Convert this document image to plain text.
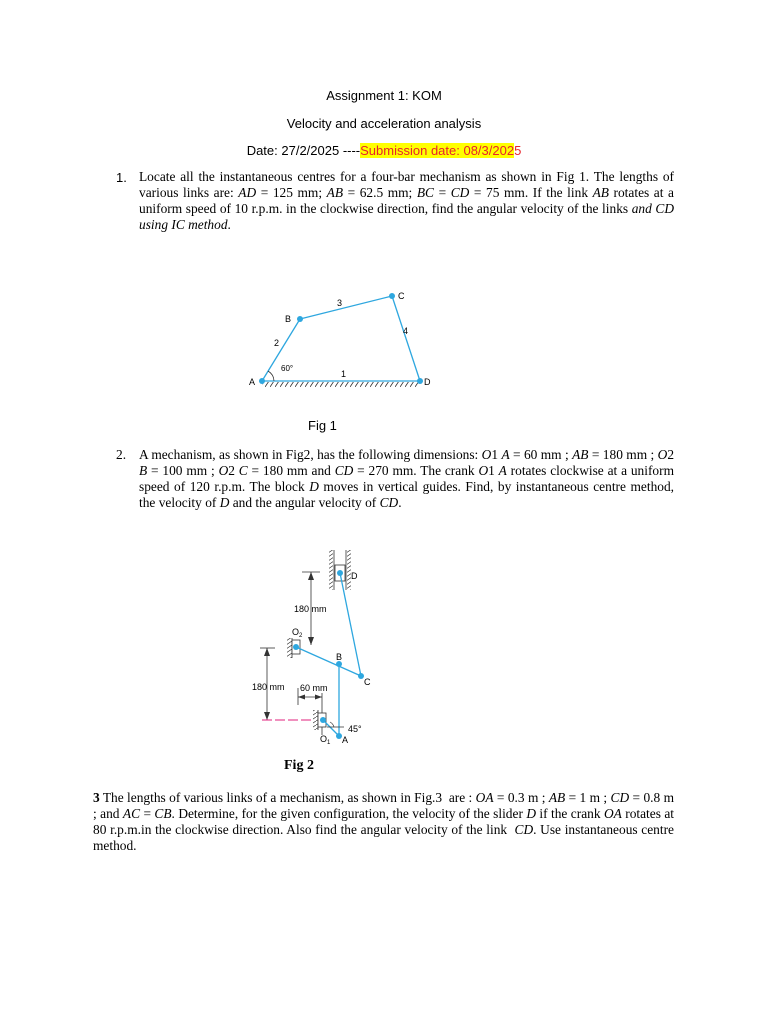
Assignment 1: KOM
Velocity and acceleration analysis
Date: 27/2/2025 ----Submission date: 08/3/2025
1. Locate all the instantaneous centres for a four-bar mechanism as shown in Fig 1. The lengths of various links are: AD = 125 mm; AB = 62.5 mm; BC = CD = 75 mm. If the link AB rotates at a uniform speed of 10 r.p.m. in the clockwise direction, find the angular velocity of the links and CD using IC method.
A
B
C
D
1
2
3
4
60°
Fig 1
2. A mechanism, as shown in Fig2, has the following dimensions: O1 A = 60 mm ; AB = 180 mm ; O2 B = 100 mm ; O2 C = 180 mm and CD = 270 mm. The crank O1 A rotates clockwise at a uniform speed of 120 r.p.m. The block D moves in vertical guides. Find, by instantaneous centre method, the velocity of D and the angular velocity of CD.
D
180 mm
$O_2$
B
C
180 mm 60 mm
45°
$O_1$ A
Fig 2
3 The lengths of various links of a mechanism, as shown in Fig.3  are : OA = 0.3 m ; AB = 1 m ; CD = 0.8 m ; and AC = CB. Determine, for the given configuration, the velocity of the slider D if the crank OA rotates at 80 r.p.m.in the clockwise direction. Also find the angular velocity of the link  CD. Use instantaneous centre method.
